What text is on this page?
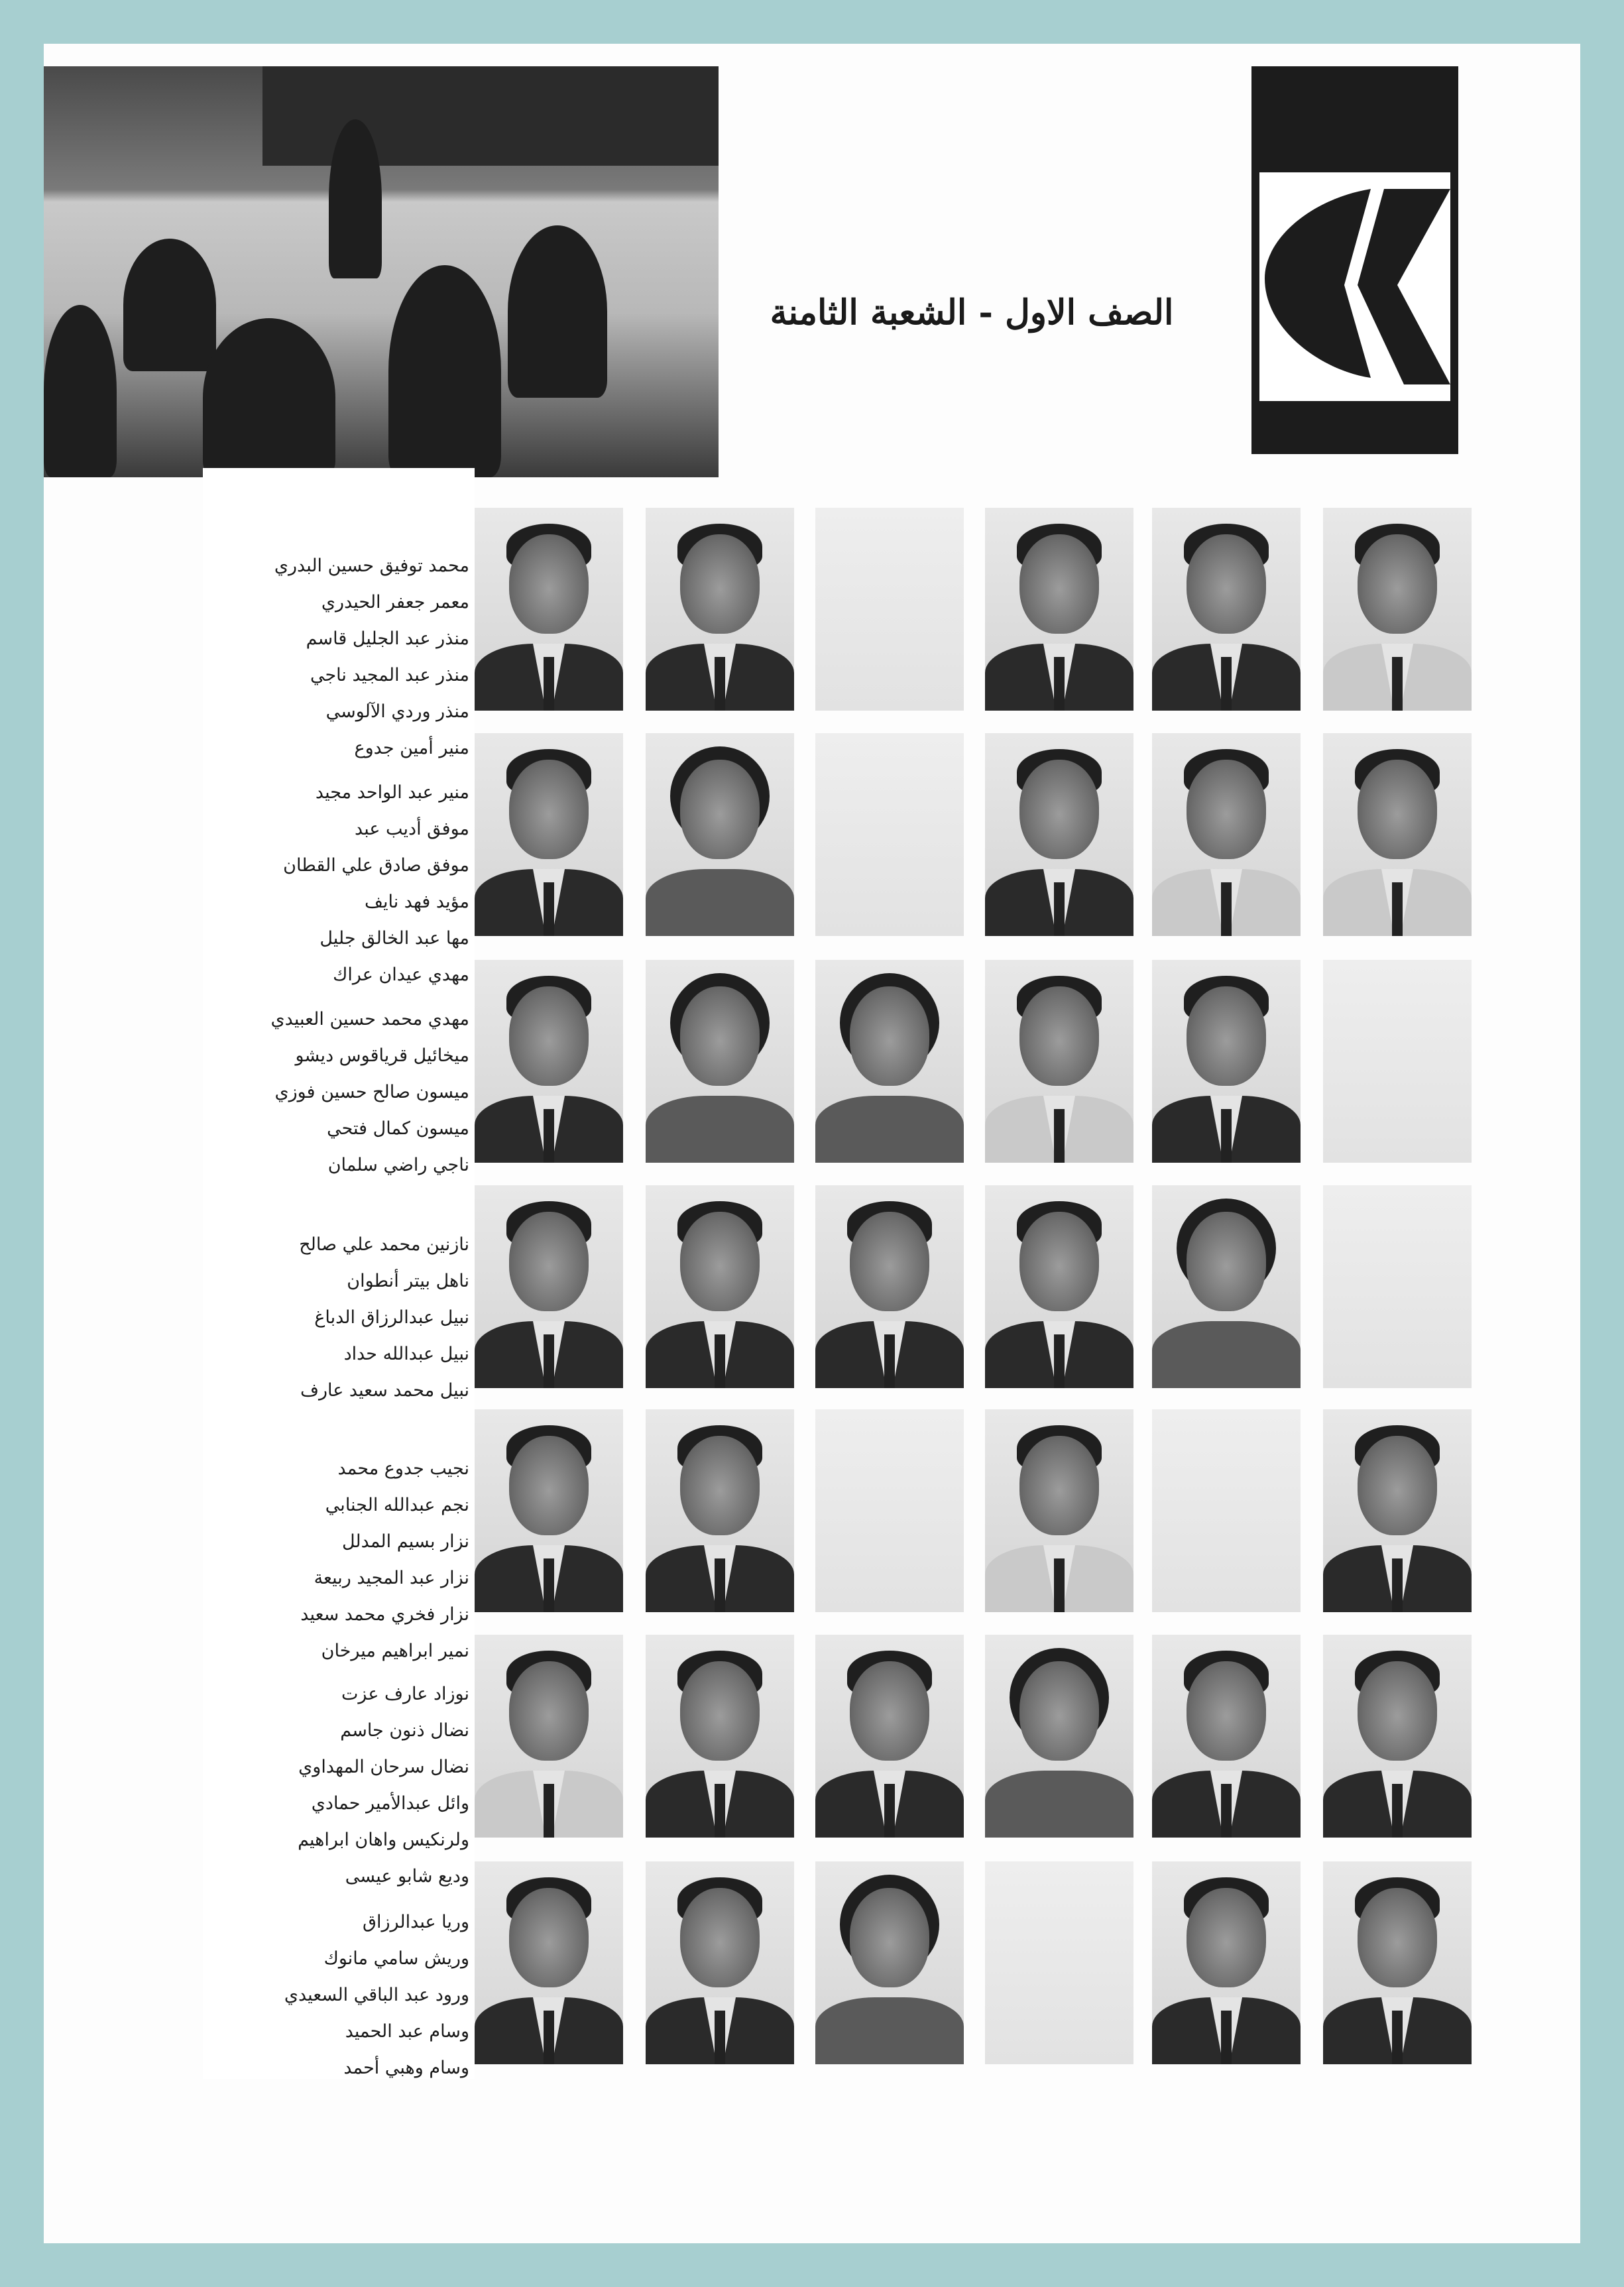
الصف الاول - الشعبة الثامنة
محمد توفيق حسين البدري
معمر جعفر الحيدري
منذر عبد الجليل قاسم
منذر عبد المجيد ناجي
منذر وردي الآلوسي
منير أمين جدوع
منير عبد الواحد مجيد
موفق أديب عبد
موفق صادق علي القطان
مؤيد فهد نايف
مها عبد الخالق جليل
مهدي عيدان عراك
مهدي محمد حسين العبيدي
ميخائيل قرياقوس ديشو
ميسون صالح حسين فوزي
ميسون كمال فتحي
ناجي راضي سلمان
نازنين محمد علي صالح
ناهل بيتر أنطوان
نبيل عبدالرزاق الدباغ
نبيل عبدالله حداد
نبيل محمد سعيد عارف
نجيب جدوع محمد
نجم عبدالله الجنابي
نزار بسيم المدلل
نزار عبد المجيد ربيعة
نزار فخري محمد سعيد
نمير ابراهيم ميرخان
نوزاد عارف عزت
نضال ذنون جاسم
نضال سرحان المهداوي
وائل عبدالأمير حمادي
ولرنكيس واهان ابراهيم
وديع شابو عيسى
وريا عبدالرزاق
وريش سامي مانوك
ورود عبد الباقي السعيدي
وسام عبد الحميد
وسام وهبي أحمد
